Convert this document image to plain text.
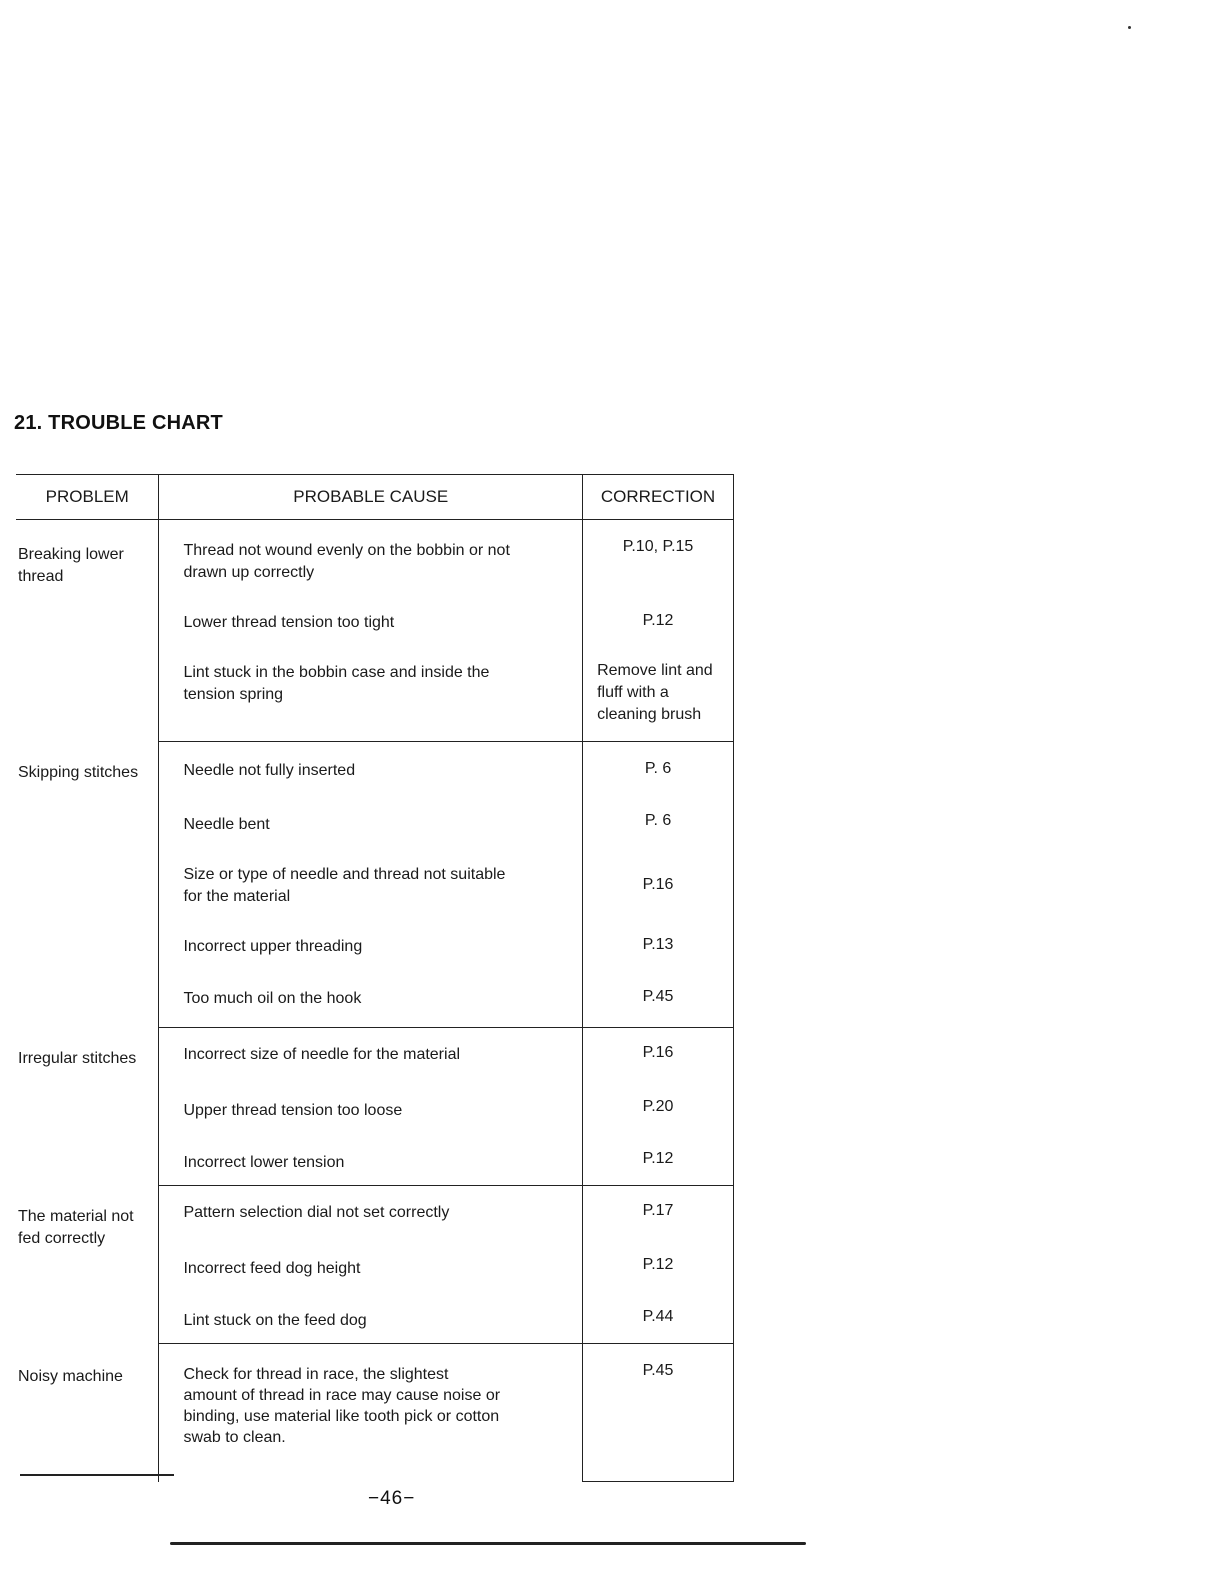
21. TROUBLE CHART
PROBLEM	PROBABLE CAUSE	CORRECTION
Breaking lower thread	Thread not wound evenly on the bobbin or not drawn up correctly	P.10, P.15

	Lower thread tension too tight	P.12

	Lint stuck in the bobbin case and inside the tension spring	Remove lint and fluff with a cleaning brush

Skipping stitches	Needle not fully inserted	P. 6

	Needle bent	P. 6

	Size or type of needle and thread not suitable for the material	P.16

	Incorrect upper threading	P.13

	Too much oil on the hook	P.45

Irregular stitches	Incorrect size of needle for the material	P.16

	Upper thread tension too loose	P.20

	Incorrect lower tension	P.12

The material not fed correctly	Pattern selection dial not set correctly	P.17

	Incorrect feed dog height	P.12

	Lint stuck on the feed dog	P.44

Noisy machine	Check for thread in race, the slightest amount of thread in race may cause noise or binding, use material like tooth pick or cotton swab to clean.	P.45
−46−
